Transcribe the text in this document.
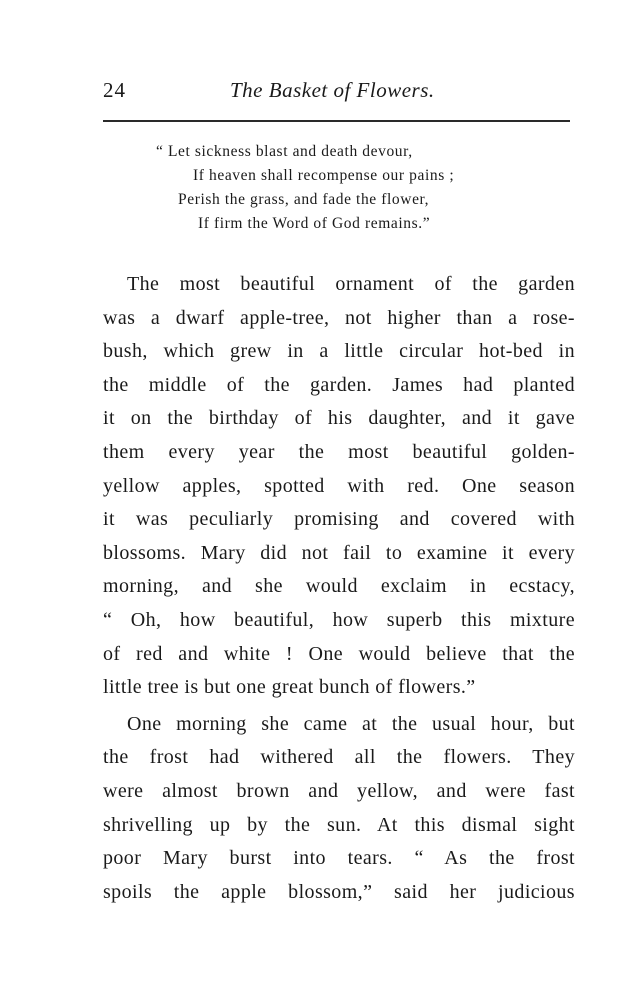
24	The Basket of Flowers.
“ Let sickness blast and death devour,
If heaven shall recompense our pains ;
Perish the grass, and fade the flower,
If firm the Word of God remains.”
The most beautiful ornament of the garden
was a dwarf apple-tree, not higher than a rose-
bush, which grew in a little circular hot-bed in
the middle of the garden. James had planted
it on the birthday of his daughter, and it gave
them every year the most beautiful golden-
yellow apples, spotted with red. One season
it was peculiarly promising and covered with
blossoms. Mary did not fail to examine it every
morning, and she would exclaim in ecstacy,
“ Oh, how beautiful, how superb this mixture
of red and white ! One would believe that the
little tree is but one great bunch of flowers.”
One morning she came at the usual hour, but
the frost had withered all the flowers. They
were almost brown and yellow, and were fast
shrivelling up by the sun. At this dismal sight
poor Mary burst into tears. “ As the frost
spoils the apple blossom,” said her judicious
